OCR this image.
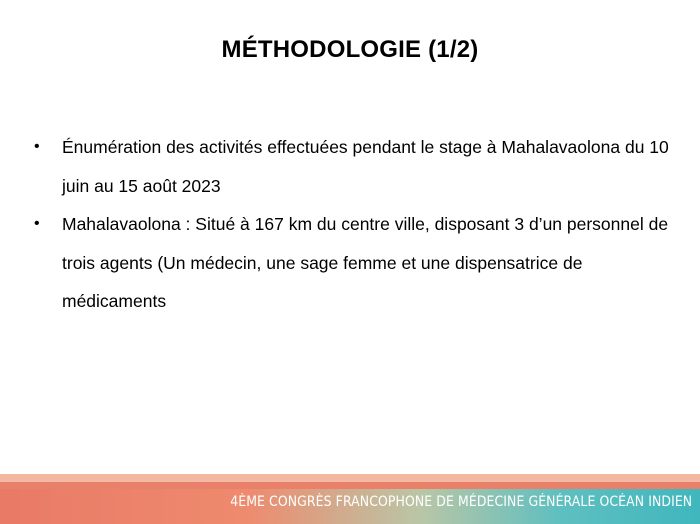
MÉTHODOLOGIE (1/2)
•	Énumération des activités effectuées pendant le stage à Mahalavaolona du 10 juin au 15 août 2023
•	Mahalavaolona : Situé à 167 km du centre ville, disposant 3 d’un personnel de trois agents (Un médecin, une sage femme et une dispensatrice de médicaments
4ÈME CONGRÈS FRANCOPHONE DE MÉDECINE GÉNÉRALE OCÉAN INDIEN
